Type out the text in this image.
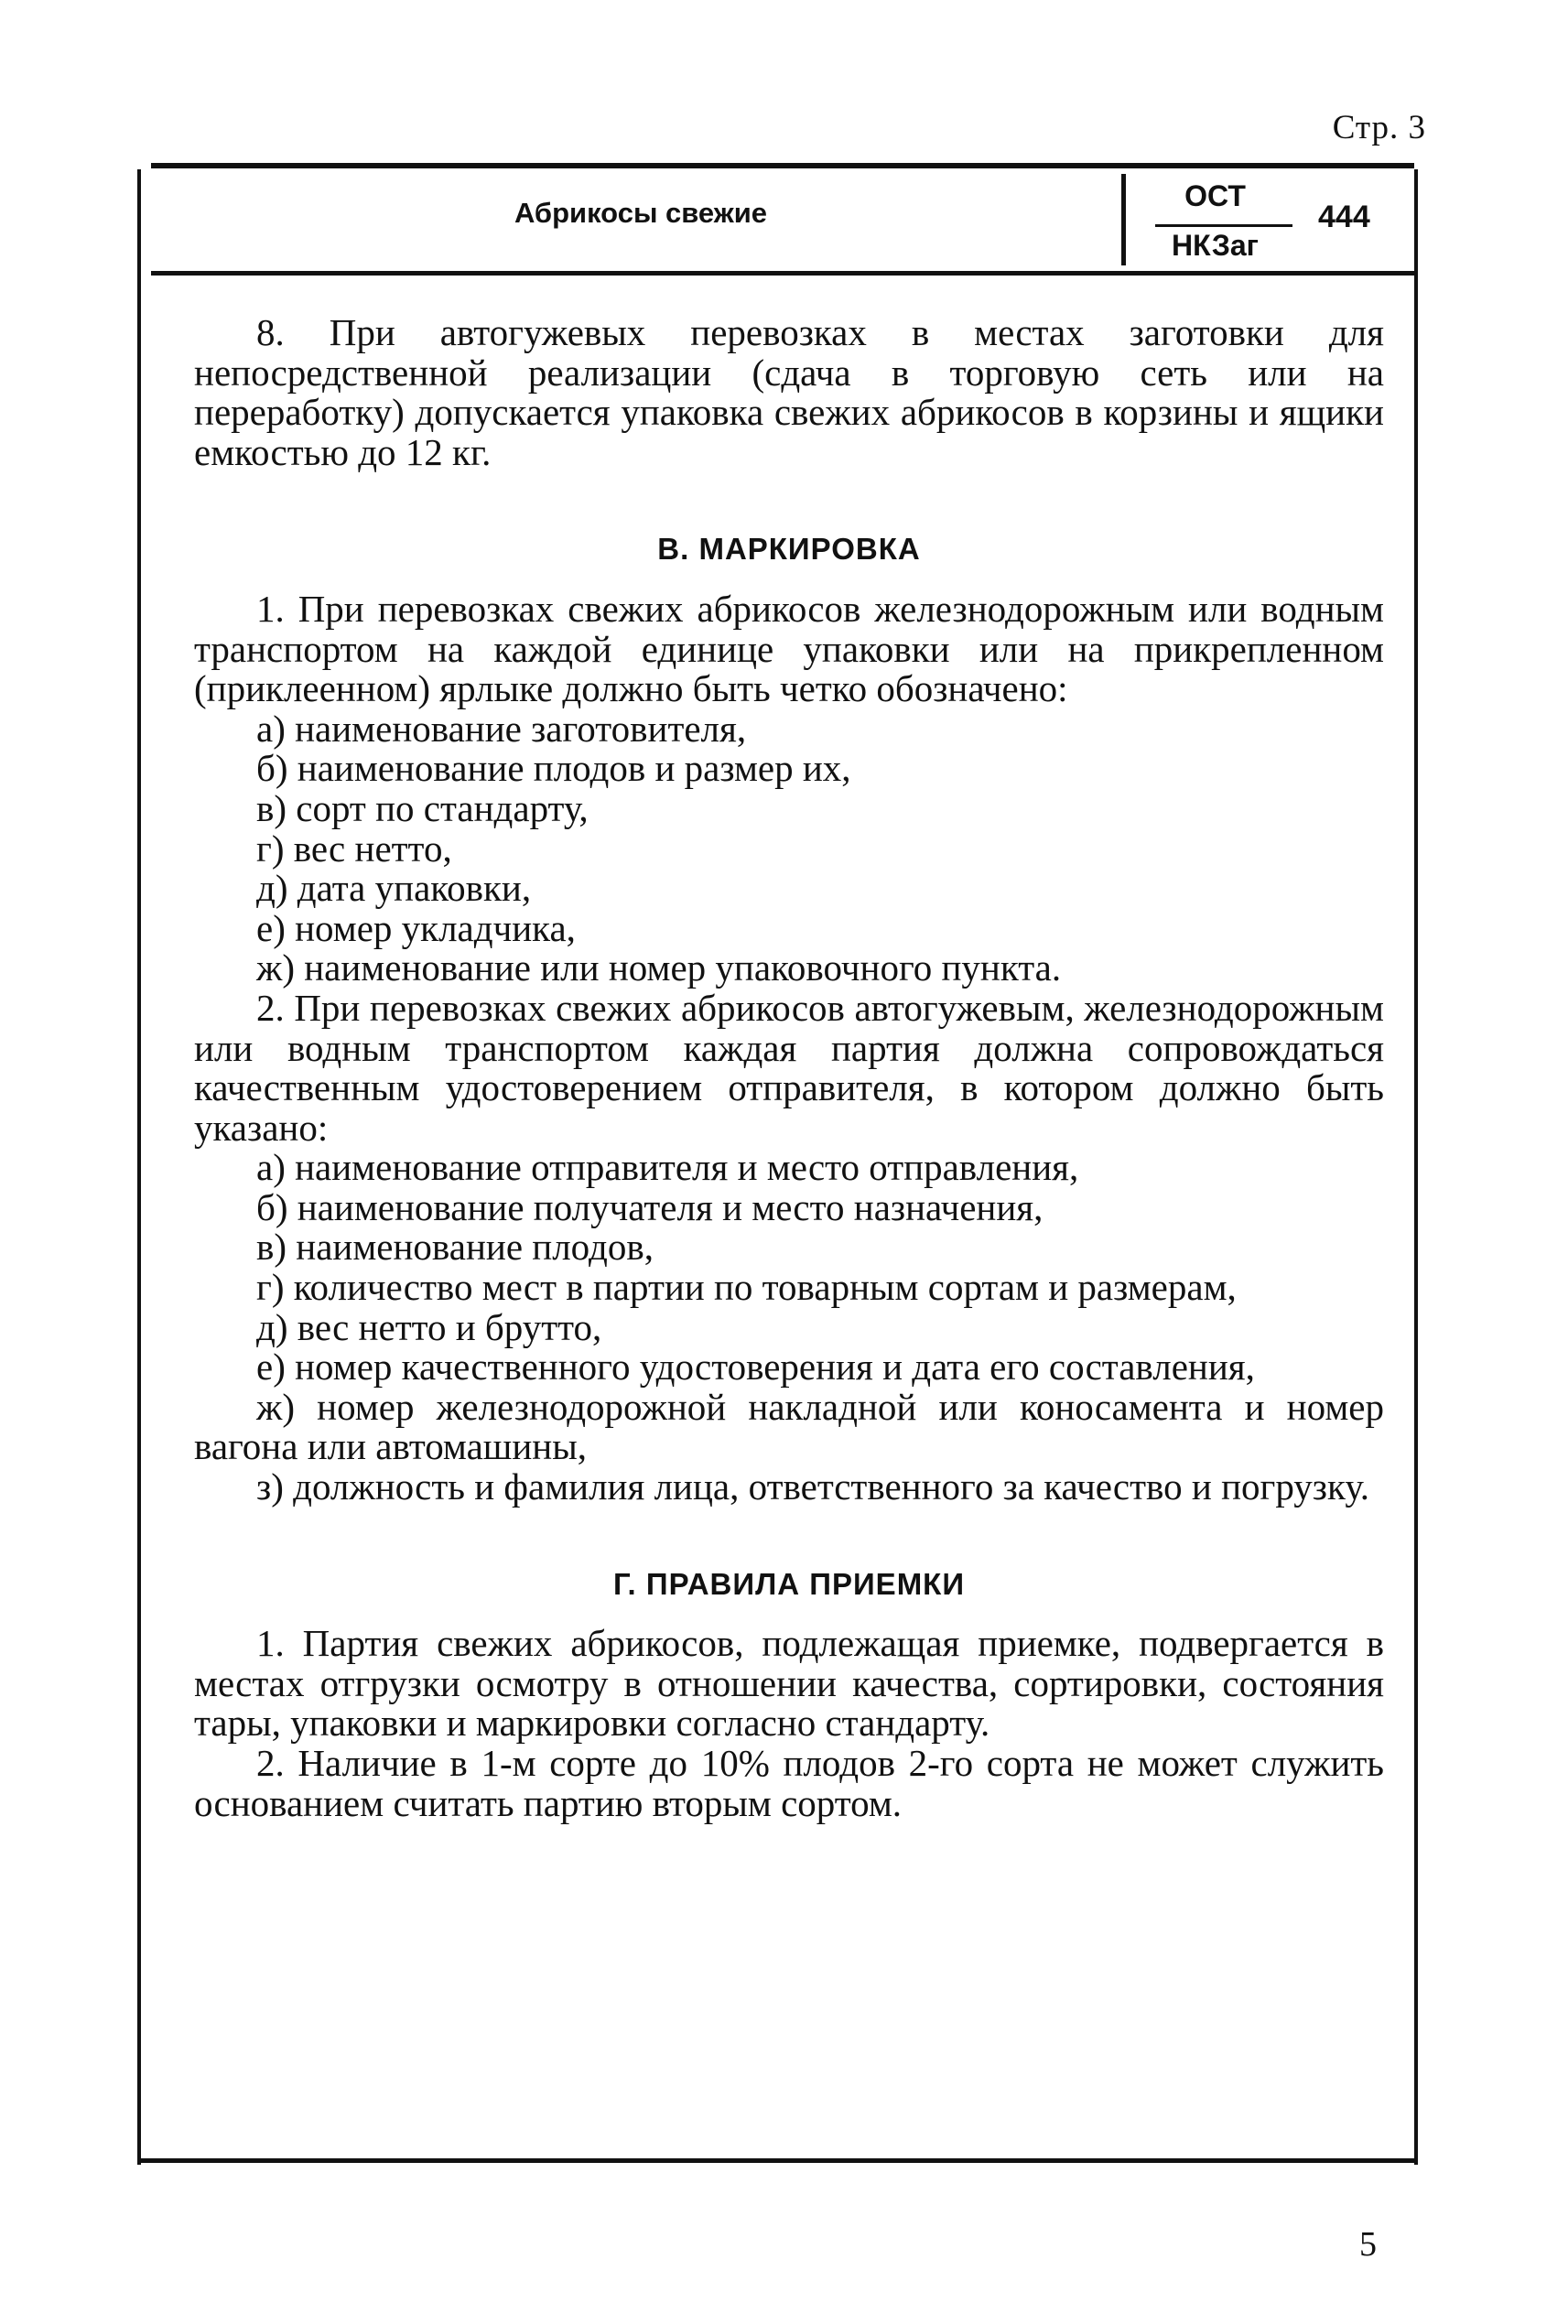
Стр. 3
Абрикосы свежие
ОСТ
НКЗаг
444

8. При автогужевых перевозках в местах заготовки для непосредственной реализации (сдача в торговую сеть или на переработку) допускается упаковка свежих абрикосов в корзины и ящики емкостью до 12 кг.

В. МАРКИРОВКА

1. При перевозках свежих абрикосов железнодорожным или водным транспортом на каждой единице упаковки или на прикрепленном (приклеенном) ярлыке должно быть четко обозначено:

а) наименование заготовителя,

б) наименование плодов и размер их,

в) сорт по стандарту,

г) вес нетто,

д) дата упаковки,

е) номер укладчика,

ж) наименование или номер упаковочного пункта.

2. При перевозках свежих абрикосов автогужевым, железнодорожным или водным транспортом каждая партия должна сопровождаться качественным удостоверением отправителя, в котором должно быть указано:

а) наименование отправителя и место отправления,

б) наименование получателя и место назначения,

в) наименование плодов,

г) количество мест в партии по товарным сортам и размерам,

д) вес нетто и брутто,

е) номер качественного удостоверения и дата его составления,

ж) номер железнодорожной накладной или коносамента и номер вагона или автомашины,

з) должность и фамилия лица, ответственного за качество и погрузку.

Г. ПРАВИЛА ПРИЕМКИ

1. Партия свежих абрикосов, подлежащая приемке, подвергается в местах отгрузки осмотру в отношении качества, сортировки, состояния тары, упаковки и маркировки согласно стандарту.

2. Наличие в 1-м сорте до 10% плодов 2-го сорта не может служить основанием считать партию вторым сортом.

5
